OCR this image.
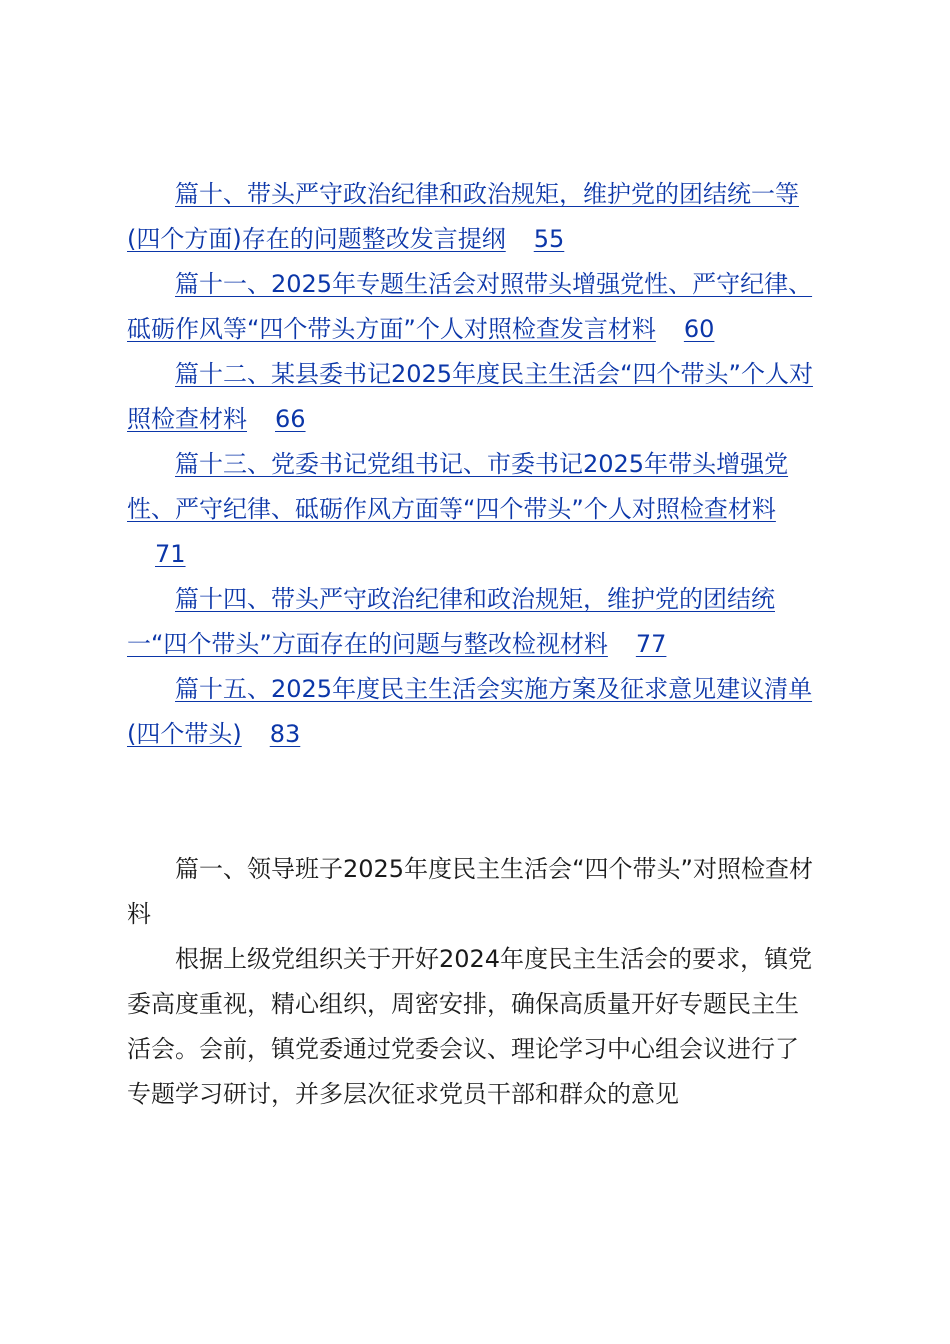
篇十、带头严守政治纪律和政治规矩，维护党的团结统一等(四个方面)存在的问题整改发言提纲 55
篇十一、2025年专题生活会对照带头增强党性、严守纪律、砥砺作风等“四个带头方面”个人对照检查发言材料 60
篇十二、某县委书记2025年度民主生活会“四个带头”个人对照检查材料 66
篇十三、党委书记党组书记、市委书记2025年带头增强党性、严守纪律、砥砺作风方面等“四个带头”个人对照检查材料71
篇十四、带头严守政治纪律和政治规矩，维护党的团结统一“四个带头”方面存在的问题与整改检视材料 77
篇十五、2025年度民主生活会实施方案及征求意见建议清单(四个带头) 83

篇一、领导班子2025年度民主生活会“四个带头”对照检查材料

根据上级党组织关于开好2024年度民主生活会的要求，镇党委高度重视，精心组织，周密安排，确保高质量开好专题民主生活会。会前，镇党委通过党委会议、理论学习中心组会议进行了专题学习研讨，并多层次征求党员干部和群众的意见
